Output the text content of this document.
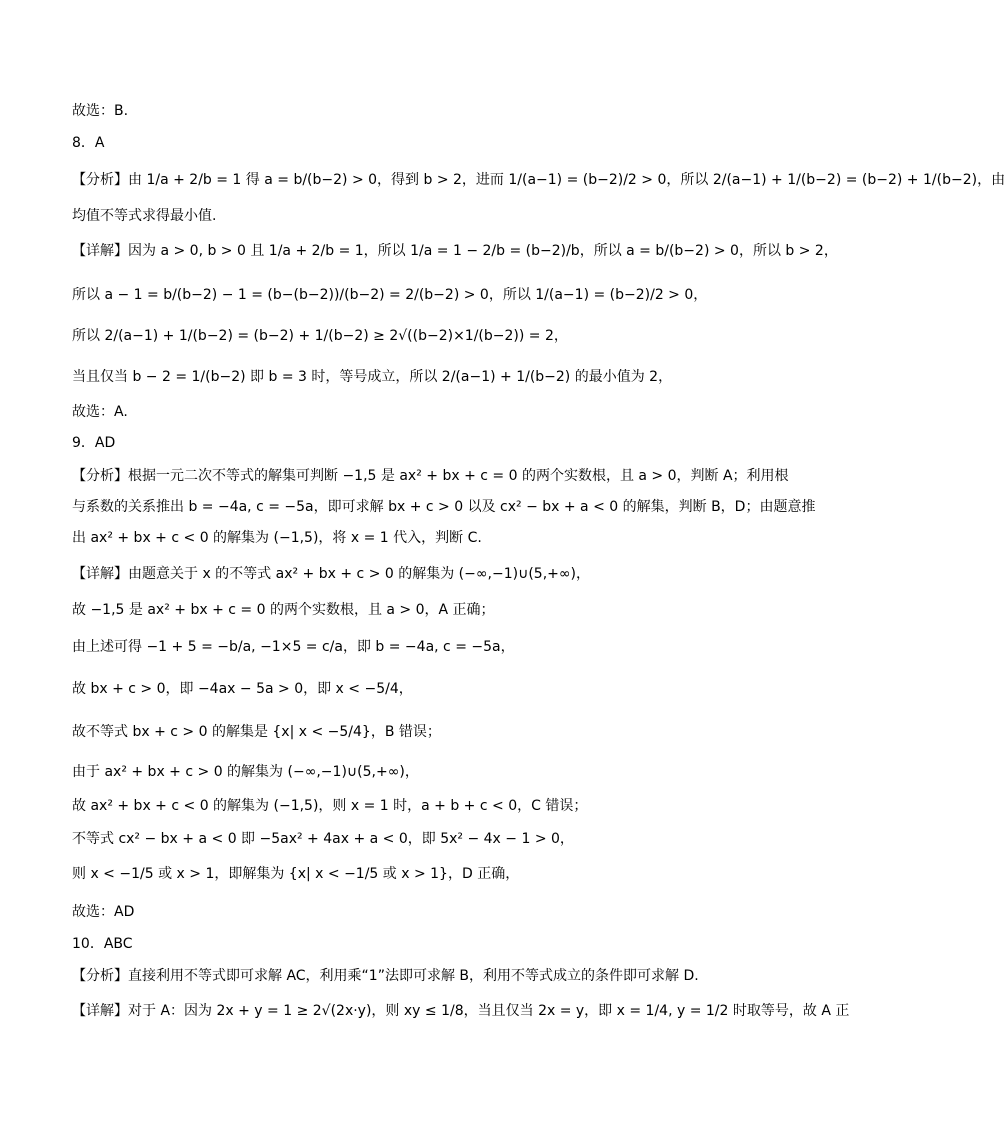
故选：B.
8．A
【分析】由 1/a + 2/b = 1 得 a = b/(b−2) > 0，得到 b > 2，进而 1/(a−1) = (b−2)/2 > 0，所以 2/(a−1) + 1/(b−2) = (b−2) + 1/(b−2)，由
均值不等式求得最小值.
【详解】因为 a > 0, b > 0 且 1/a + 2/b = 1，所以 1/a = 1 − 2/b = (b−2)/b，所以 a = b/(b−2) > 0，所以 b > 2，
所以 a − 1 = b/(b−2) − 1 = (b−(b−2))/(b−2) = 2/(b−2) > 0，所以 1/(a−1) = (b−2)/2 > 0，
所以 2/(a−1) + 1/(b−2) = (b−2) + 1/(b−2) ≥ 2√((b−2)×1/(b−2)) = 2，
当且仅当 b − 2 = 1/(b−2) 即 b = 3 时，等号成立，所以 2/(a−1) + 1/(b−2) 的最小值为 2，
故选：A.
9．AD
【分析】根据一元二次不等式的解集可判断 −1,5 是 ax² + bx + c = 0 的两个实数根，且 a > 0，判断 A；利用根
与系数的关系推出 b = −4a, c = −5a，即可求解 bx + c > 0 以及 cx² − bx + a < 0 的解集，判断 B，D；由题意推
出 ax² + bx + c < 0 的解集为 (−1,5)，将 x = 1 代入，判断 C.
【详解】由题意关于 x 的不等式 ax² + bx + c > 0 的解集为 (−∞,−1)∪(5,+∞)，
故 −1,5 是 ax² + bx + c = 0 的两个实数根，且 a > 0，A 正确；
由上述可得 −1 + 5 = −b/a, −1×5 = c/a，即 b = −4a, c = −5a，
故 bx + c > 0，即 −4ax − 5a > 0，即 x < −5/4，
故不等式 bx + c > 0 的解集是 {x| x < −5/4}，B 错误；
由于 ax² + bx + c > 0 的解集为 (−∞,−1)∪(5,+∞)，
故 ax² + bx + c < 0 的解集为 (−1,5)，则 x = 1 时，a + b + c < 0，C 错误；
不等式 cx² − bx + a < 0 即 −5ax² + 4ax + a < 0，即 5x² − 4x − 1 > 0，
则 x < −1/5 或 x > 1，即解集为 {x| x < −1/5 或 x > 1}，D 正确，
故选：AD
10．ABC
【分析】直接利用不等式即可求解 AC，利用乘“1”法即可求解 B，利用不等式成立的条件即可求解 D.
【详解】对于 A：因为 2x + y = 1 ≥ 2√(2x·y)，则 xy ≤ 1/8，当且仅当 2x = y，即 x = 1/4, y = 1/2 时取等号，故 A 正
